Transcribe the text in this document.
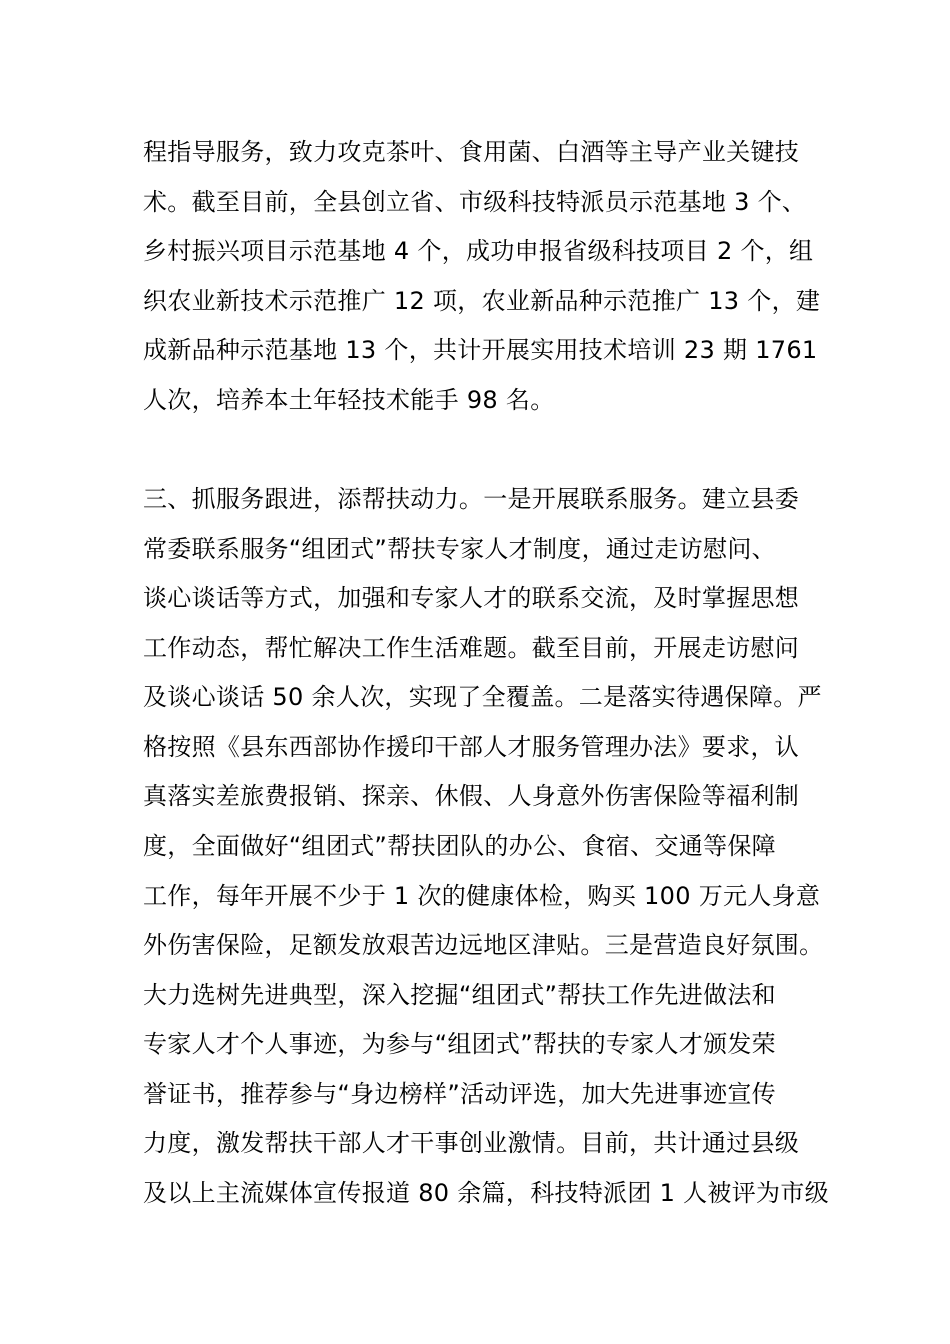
程指导服务，致力攻克茶叶、食用菌、白酒等主导产业关键技
术。截至目前，全县创立省、市级科技特派员示范基地 3 个、
乡村振兴项目示范基地 4 个，成功申报省级科技项目 2 个，组
织农业新技术示范推广 12 项，农业新品种示范推广 13 个，建
成新品种示范基地 13 个，共计开展实用技术培训 23 期 1761
人次，培养本土年轻技术能手 98 名。
三、抓服务跟进，添帮扶动力。一是开展联系服务。建立县委
常委联系服务“组团式”帮扶专家人才制度，通过走访慰问、
谈心谈话等方式，加强和专家人才的联系交流，及时掌握思想
工作动态，帮忙解决工作生活难题。截至目前，开展走访慰问
及谈心谈话 50 余人次，实现了全覆盖。二是落实待遇保障。严
格按照《县东西部协作援印干部人才服务管理办法》要求，认
真落实差旅费报销、探亲、休假、人身意外伤害保险等福利制
度，全面做好“组团式”帮扶团队的办公、食宿、交通等保障
工作，每年开展不少于 1 次的健康体检，购买 100 万元人身意
外伤害保险，足额发放艰苦边远地区津贴。三是营造良好氛围。
大力选树先进典型，深入挖掘“组团式”帮扶工作先进做法和
专家人才个人事迹，为参与“组团式”帮扶的专家人才颁发荣
誉证书，推荐参与“身边榜样”活动评选，加大先进事迹宣传
力度，激发帮扶干部人才干事创业激情。目前，共计通过县级
及以上主流媒体宣传报道 80 余篇，科技特派团 1 人被评为市级
